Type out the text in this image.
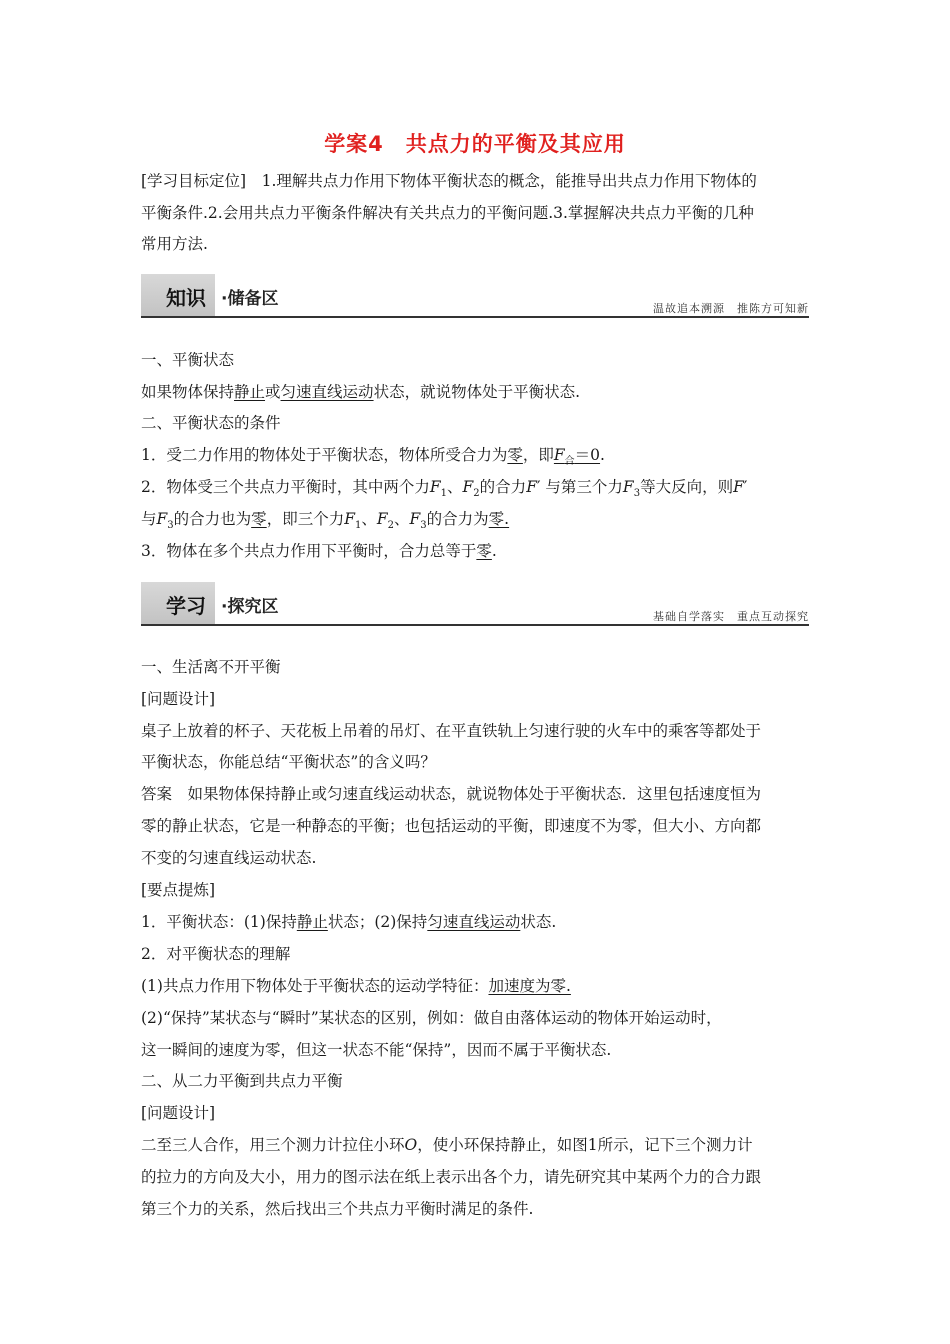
学案4　共点力的平衡及其应用
[学习目标定位]　1.理解共点力作用下物体平衡状态的概念，能推导出共点力作用下物体的
平衡条件.2.会用共点力平衡条件解决有关共点力的平衡问题.3.掌握解决共点力平衡的几种
常用方法.
知识 ·储备区	温故追本溯源　推陈方可知新
一、平衡状态
如果物体保持静止或匀速直线运动状态，就说物体处于平衡状态.
二、平衡状态的条件
1．受二力作用的物体处于平衡状态，物体所受合力为零，即$F_合=0$.
2．物体受三个共点力平衡时，其中两个力$F_1$、$F_2$的合力F′ 与第三个力$F_3$等大反向，则F′
与$F_3$的合力也为零，即三个力$F_1$、$F_2$、$F_3$的合力为零.
3．物体在多个共点力作用下平衡时，合力总等于零.
学习 ·探究区	基础自学落实　重点互动探究
一、生活离不开平衡
[问题设计]
桌子上放着的杯子、天花板上吊着的吊灯、在平直铁轨上匀速行驶的火车中的乘客等都处于
平衡状态，你能总结“平衡状态”的含义吗？
答案　如果物体保持静止或匀速直线运动状态，就说物体处于平衡状态．这里包括速度恒为
零的静止状态，它是一种静态的平衡；也包括运动的平衡，即速度不为零，但大小、方向都
不变的匀速直线运动状态.
[要点提炼]
1．平衡状态：(1)保持静止状态；(2)保持匀速直线运动状态.
2．对平衡状态的理解
(1)共点力作用下物体处于平衡状态的运动学特征：加速度为零.
(2)“保持”某状态与“瞬时”某状态的区别，例如：做自由落体运动的物体开始运动时，
这一瞬间的速度为零，但这一状态不能“保持”，因而不属于平衡状态.
二、从二力平衡到共点力平衡
[问题设计]
二至三人合作，用三个测力计拉住小环O，使小环保持静止，如图1所示，记下三个测力计
的拉力的方向及大小，用力的图示法在纸上表示出各个力，请先研究其中某两个力的合力跟
第三个力的关系，然后找出三个共点力平衡时满足的条件.
